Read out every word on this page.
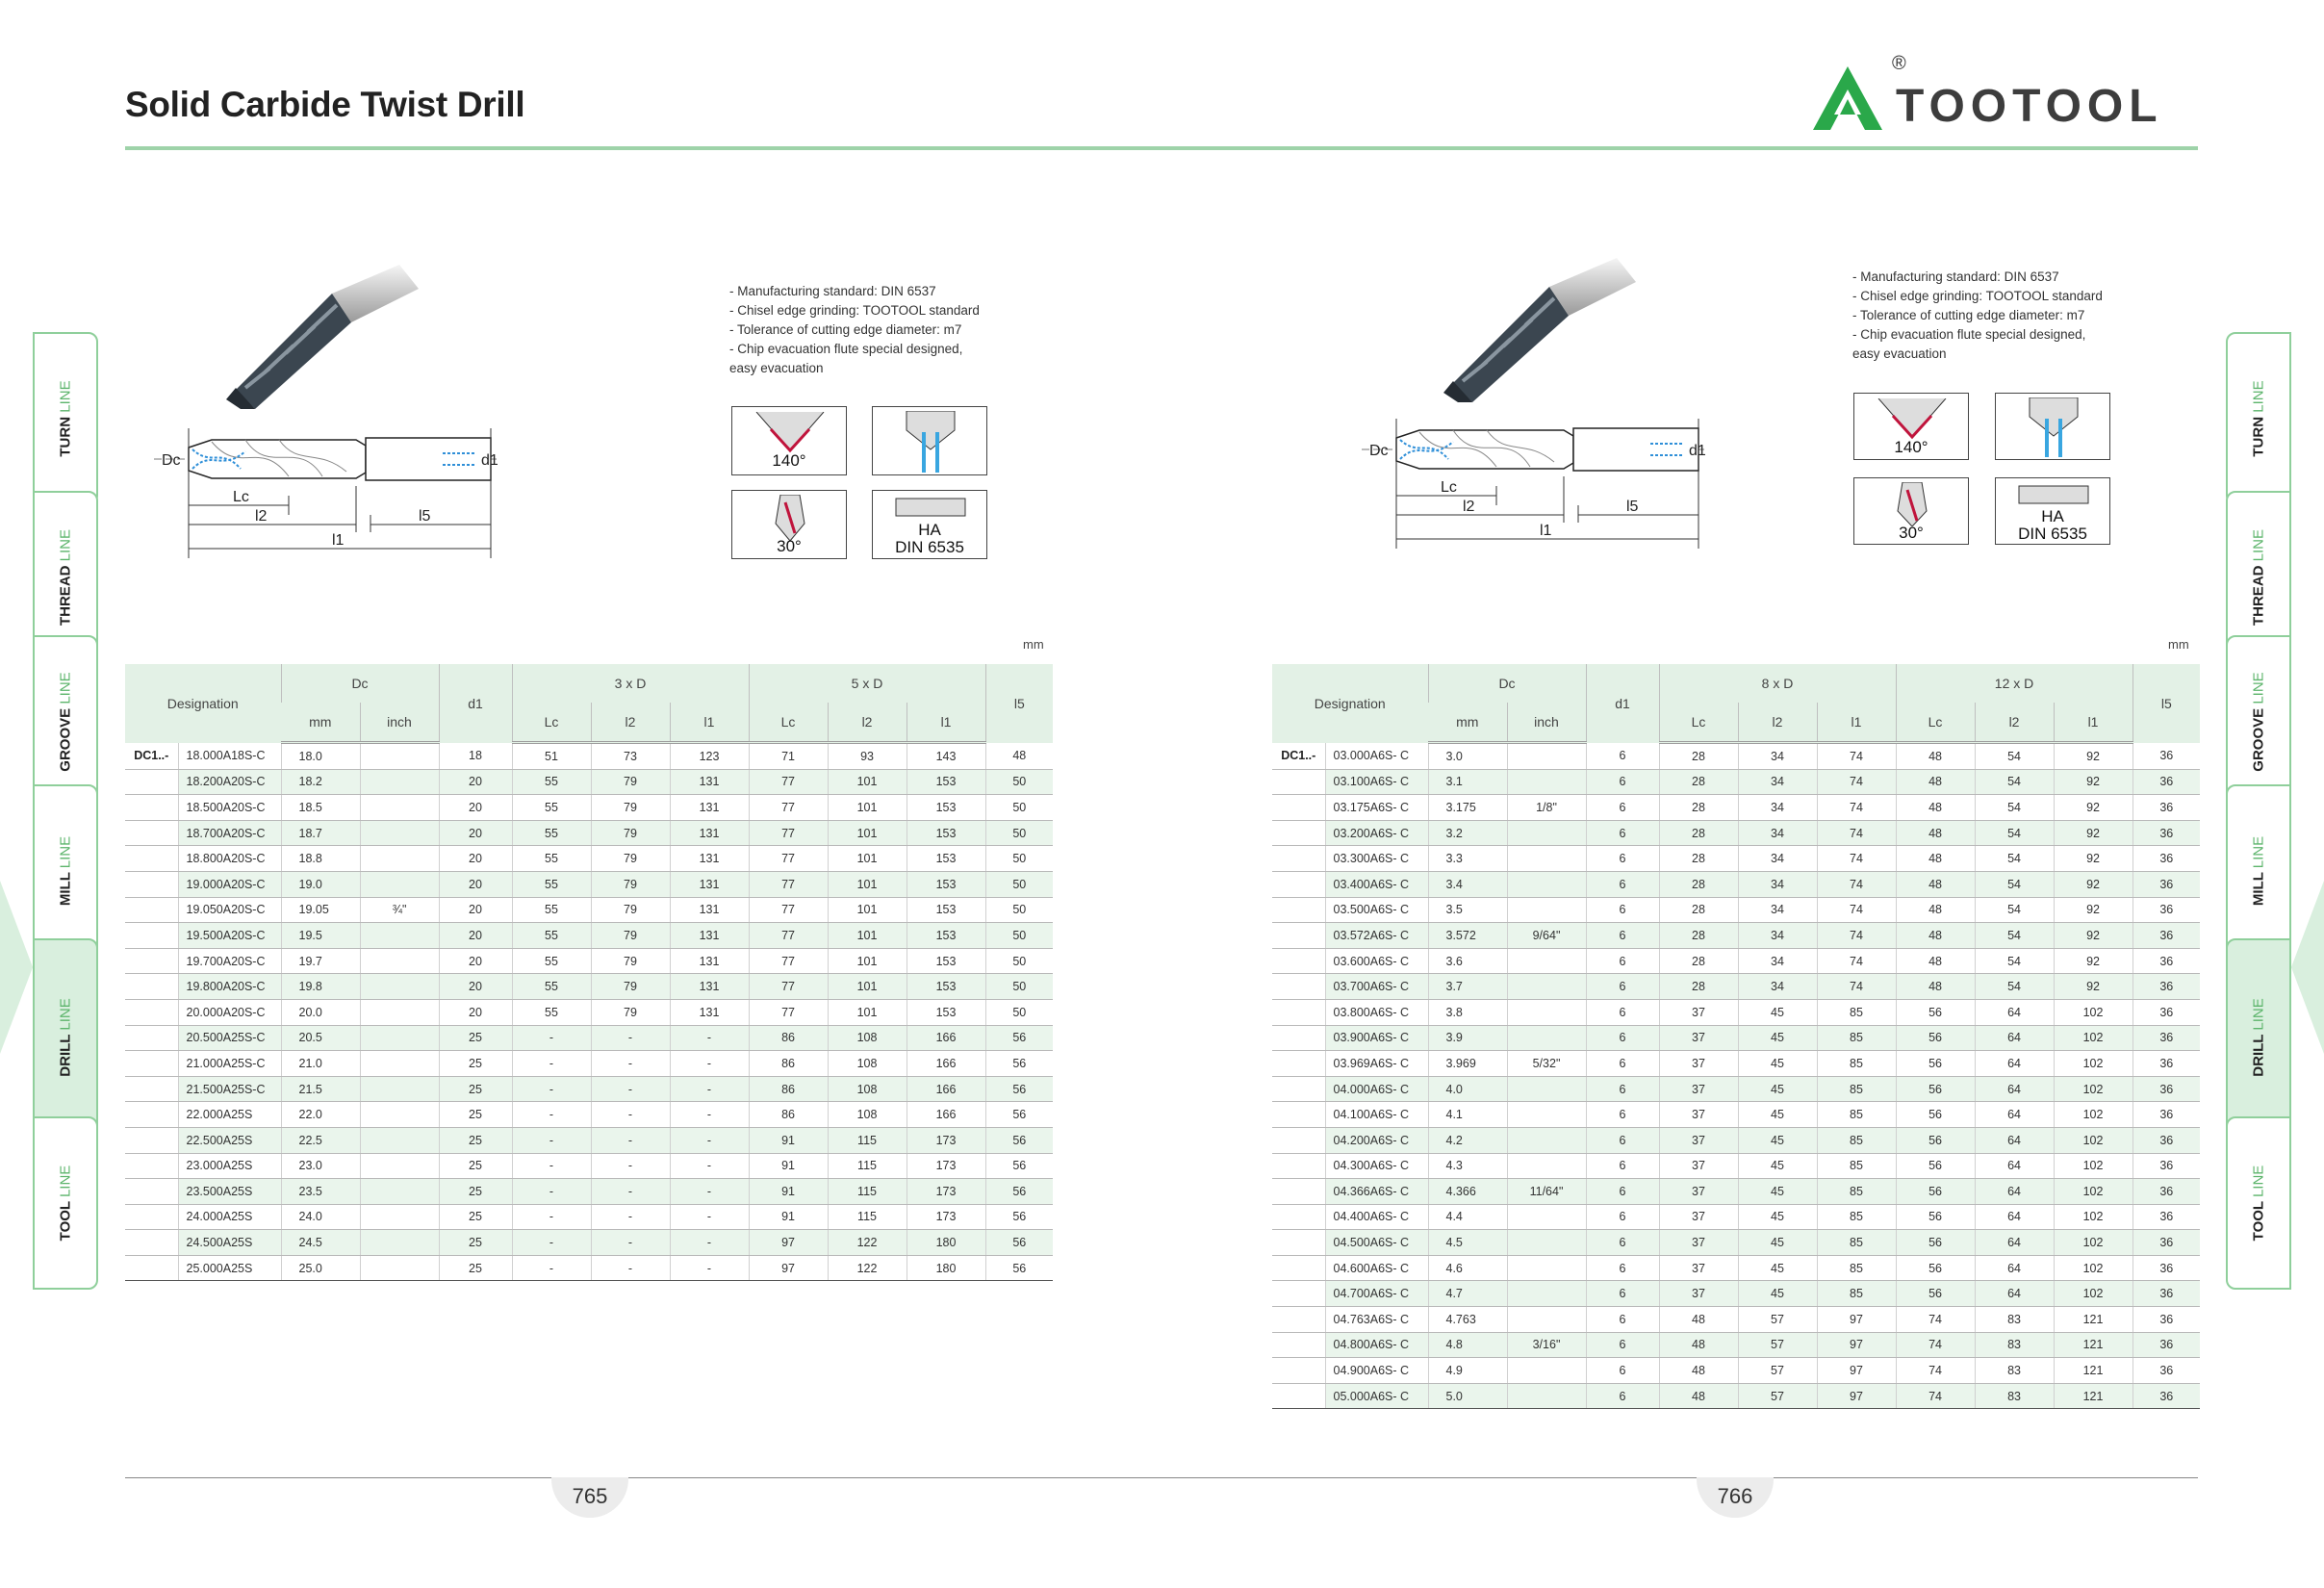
Solid Carbide Twist Drill
®
TOOTOOL
TURN LINE
THREAD LINE
GROOVE LINE
MILL LINE
DRILL LINE
TOOL LINE
TURN LINE
THREAD LINE
GROOVE LINE
MILL LINE
DRILL LINE
TOOL LINE
Dc	d1
Lc
l2	l5
l1
- Manufacturing standard: DIN 6537
- Chisel edge grinding: TOOTOOL standard
- Tolerance of cutting edge diameter: m7
- Chip evacuation flute special designed,
easy evacuation
140°
30°
HA
DIN 6535
Dc	d1
Lc
l2	l5
l1
- Manufacturing standard: DIN 6537
- Chisel edge grinding: TOOTOOL standard
- Tolerance of cutting edge diameter: m7
- Chip evacuation flute special designed,
easy evacuation
140°
30°
HA
DIN 6535
mm
Designation		Dc		d1	3 x D			5 x D			l5
		mm	inch		Lc	l2	l1	Lc	l2	l1	
DC1..-	18.000A18S-C	18.0		18	51	73	123	71	93	143	48
	18.200A20S-C	18.2		20	55	79	131	77	101	153	50
	18.500A20S-C	18.5		20	55	79	131	77	101	153	50
	18.700A20S-C	18.7		20	55	79	131	77	101	153	50
	18.800A20S-C	18.8		20	55	79	131	77	101	153	50
	19.000A20S-C	19.0		20	55	79	131	77	101	153	50
	19.050A20S-C	19.05	¾"	20	55	79	131	77	101	153	50
	19.500A20S-C	19.5		20	55	79	131	77	101	153	50
	19.700A20S-C	19.7		20	55	79	131	77	101	153	50
	19.800A20S-C	19.8		20	55	79	131	77	101	153	50
	20.000A20S-C	20.0		20	55	79	131	77	101	153	50
	20.500A25S-C	20.5		25	-	-	-	86	108	166	56
	21.000A25S-C	21.0		25	-	-	-	86	108	166	56
	21.500A25S-C	21.5		25	-	-	-	86	108	166	56
	22.000A25S	22.0		25	-	-	-	86	108	166	56
	22.500A25S	22.5		25	-	-	-	91	115	173	56
	23.000A25S	23.0		25	-	-	-	91	115	173	56
	23.500A25S	23.5		25	-	-	-	91	115	173	56
	24.000A25S	24.0		25	-	-	-	91	115	173	56
	24.500A25S	24.5		25	-	-	-	97	122	180	56
	25.000A25S	25.0		25	-	-	-	97	122	180	56
mm
Designation		Dc		d1	8 x D			12 x D			l5
		mm	inch		Lc	l2	l1	Lc	l2	l1	
DC1..-	03.000A6S- C	3.0		6	28	34	74	48	54	92	36
	03.100A6S- C	3.1		6	28	34	74	48	54	92	36
	03.175A6S- C	3.175	1/8"	6	28	34	74	48	54	92	36
	03.200A6S- C	3.2		6	28	34	74	48	54	92	36
	03.300A6S- C	3.3		6	28	34	74	48	54	92	36
	03.400A6S- C	3.4		6	28	34	74	48	54	92	36
	03.500A6S- C	3.5		6	28	34	74	48	54	92	36
	03.572A6S- C	3.572	9/64"	6	28	34	74	48	54	92	36
	03.600A6S- C	3.6		6	28	34	74	48	54	92	36
	03.700A6S- C	3.7		6	28	34	74	48	54	92	36
	03.800A6S- C	3.8		6	37	45	85	56	64	102	36
	03.900A6S- C	3.9		6	37	45	85	56	64	102	36
	03.969A6S- C	3.969	5/32"	6	37	45	85	56	64	102	36
	04.000A6S- C	4.0		6	37	45	85	56	64	102	36
	04.100A6S- C	4.1		6	37	45	85	56	64	102	36
	04.200A6S- C	4.2		6	37	45	85	56	64	102	36
	04.300A6S- C	4.3		6	37	45	85	56	64	102	36
	04.366A6S- C	4.366	11/64"	6	37	45	85	56	64	102	36
	04.400A6S- C	4.4		6	37	45	85	56	64	102	36
	04.500A6S- C	4.5		6	37	45	85	56	64	102	36
	04.600A6S- C	4.6		6	37	45	85	56	64	102	36
	04.700A6S- C	4.7		6	37	45	85	56	64	102	36
	04.763A6S- C	4.763		6	48	57	97	74	83	121	36
	04.800A6S- C	4.8	3/16"	6	48	57	97	74	83	121	36
	04.900A6S- C	4.9		6	48	57	97	74	83	121	36
	05.000A6S- C	5.0		6	48	57	97	74	83	121	36
765	766
